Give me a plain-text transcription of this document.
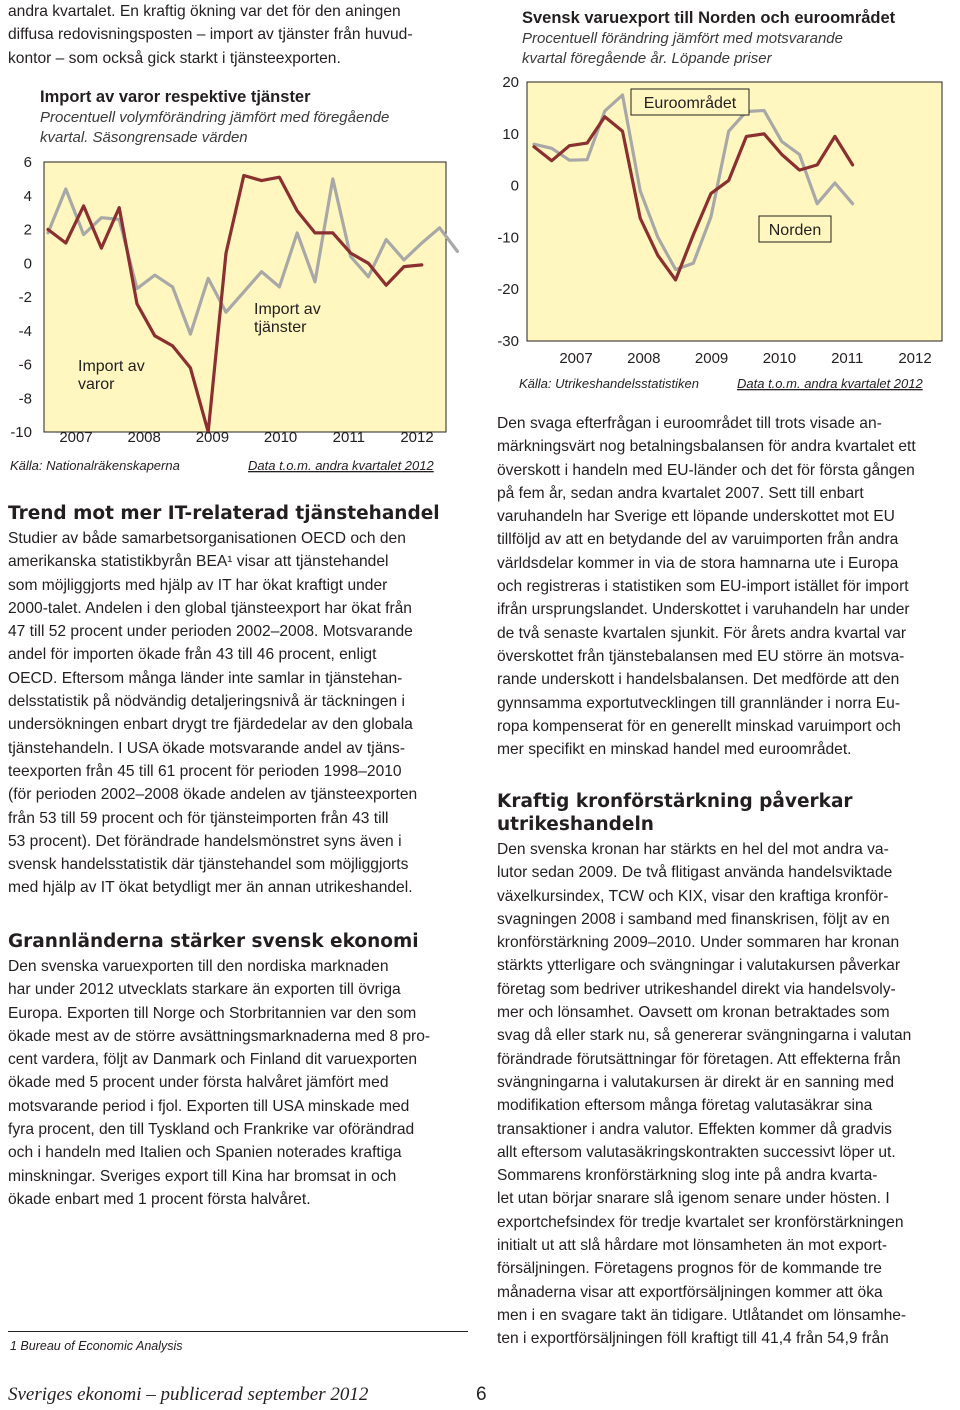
andra kvartalet. En kraftig ökning var det för den aningen

diffusa redovisningsposten – import av tjänster från huvud-

kontor – som också gick starkt i tjänsteexporten.

Import av varor respektive tjänster
Procentuell volymförändring jämfört med föregående
kvartal. Säsongrensade värden
6
4
2
0
-2
-4
-6
-8
-10 2007 2008 2009 2010 2011 2012
Import av
varor
Import av
tjänster
Källa: Nationalräkenskaperna	Data t.o.m. andra kvartalet 2012
Trend mot mer IT-relaterad tjänstehandel

Studier av både samarbetsorganisationen OECD och den

amerikanska statistikbyrån BEA¹ visar att tjänstehandel

som möjliggjorts med hjälp av IT har ökat kraftigt under

2000-talet. Andelen i den global tjänsteexport har ökat från

47 till 52 procent under perioden 2002–2008. Motsvarande

andel för importen ökade från 43 till 46 procent, enligt

OECD. Eftersom många länder inte samlar in tjänstehan-

delsstatistik på nödvändig detaljeringsnivå är täckningen i

undersökningen enbart drygt tre fjärdedelar av den globala

tjänstehandeln. I USA ökade motsvarande andel av tjäns-

teexporten från 45 till 61 procent för perioden 1998–2010

(för perioden 2002–2008 ökade andelen av tjänsteexporten

från 53 till 59 procent och för tjänsteimporten från 43 till

53 procent). Det förändrade handelsmönstret syns även i

svensk handelsstatistik där tjänstehandel som möjliggjorts

med hjälp av IT ökat betydligt mer än annan utrikeshandel.

Grannländerna stärker svensk ekonomi

Den svenska varuexporten till den nordiska marknaden

har under 2012 utvecklats starkare än exporten till övriga

Europa. Exporten till Norge och Storbritannien var den som

ökade mest av de större avsättningsmarknaderna med 8 pro-

cent vardera, följt av Danmark och Finland dit varuexporten

ökade med 5 procent under första halvåret jämfört med

motsvarande period i fjol. Exporten till USA minskade med

fyra procent, den till Tyskland och Frankrike var oförändrad

och i handeln med Italien och Spanien noterades kraftiga

minskningar. Sveriges export till Kina har bromsat in och

ökade enbart med 1 procent första halvåret.

1 Bureau of Economic Analysis
Svensk varuexport till Norden och euroområdet
Procentuell förändring jämfört med motsvarande
kvartal föregående år. Löpande priser
20
10
0
-10
-20
-30
2007 2008 2009 2010 2011 2012
Euroområdet
Norden
Källa: Utrikeshandelsstatistiken	Data t.o.m. andra kvartalet 2012

Den svaga efterfrågan i euroområdet till trots visade an-

märkningsvärt nog betalningsbalansen för andra kvartalet ett

överskott i handeln med EU-länder och det för första gången

på fem år, sedan andra kvartalet 2007. Sett till enbart

varuhandeln har Sverige ett löpande underskottet mot EU

tillföljd av att en betydande del av varuimporten från andra

världsdelar kommer in via de stora hamnarna ute i Europa

och registreras i statistiken som EU-import istället för import

ifrån ursprungslandet. Underskottet i varuhandeln har under

de två senaste kvartalen sjunkit. För årets andra kvartal var

överskottet från tjänstebalansen med EU större än motsva-

rande underskott i handelsbalansen. Det medförde att den

gynnsamma exportutvecklingen till grannländer i norra Eu-

ropa kompenserat för en generellt minskad varuimport och

mer specifikt en minskad handel med euroområdet.

Kraftig kronförstärkning påverkar
utrikeshandeln

Den svenska kronan har stärkts en hel del mot andra va-

lutor sedan 2009. De två flitigast använda handelsviktade

växelkursindex, TCW och KIX, visar den kraftiga kronför-

svagningen 2008 i samband med finanskrisen, följt av en

kronförstärkning 2009–2010. Under sommaren har kronan

stärkts ytterligare och svängningar i valutakursen påverkar

företag som bedriver utrikeshandel direkt via handelsvoly-

mer och lönsamhet. Oavsett om kronan betraktades som

svag då eller stark nu, så genererar svängningarna i valutan

förändrade förutsättningar för företagen. Att effekterna från

svängningarna i valutakursen är direkt är en sanning med

modifikation eftersom många företag valutasäkrar sina

transaktioner i andra valutor. Effekten kommer då gradvis

allt eftersom valutasäkringskontrakten successivt löper ut.

Sommarens kronförstärkning slog inte på andra kvarta-

let utan börjar snarare slå igenom senare under hösten. I

exportchefsindex för tredje kvartalet ser kronförstärkningen

initialt ut att slå hårdare mot lönsamheten än mot export-

försäljningen. Företagens prognos för de kommande tre

månaderna visar att exportförsäljningen kommer att öka

men i en svagare takt än tidigare. Utlåtandet om lönsamhe-

ten i exportförsäljningen föll kraftigt till 41,4 från 54,9 från

Sveriges ekonomi – publicerad september 2012	6
